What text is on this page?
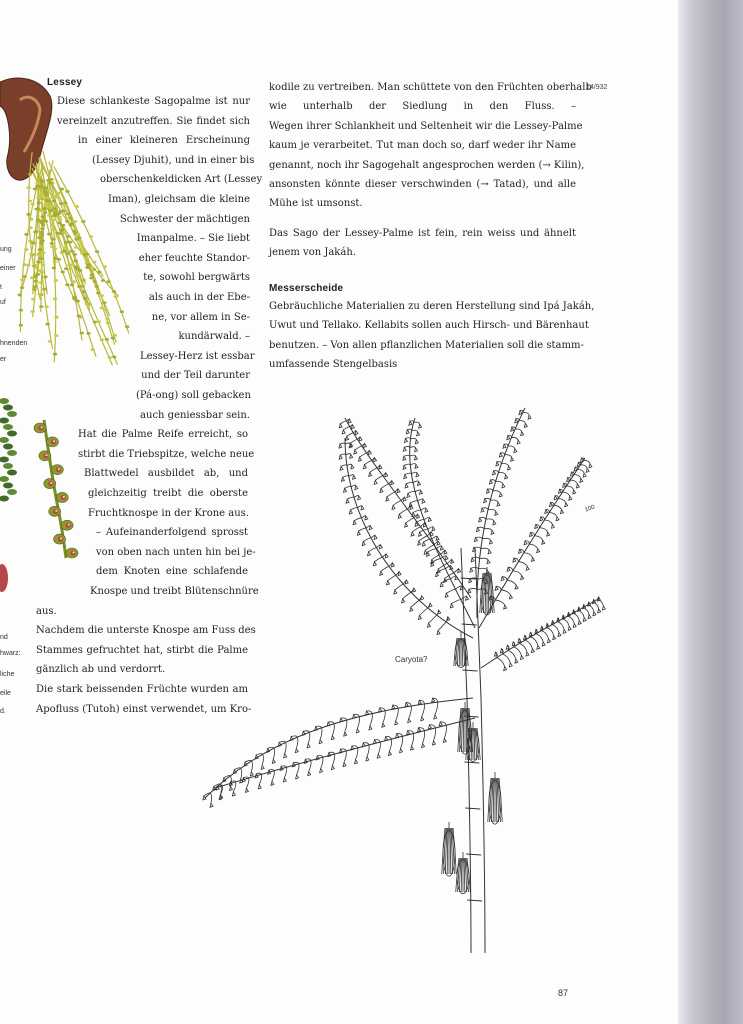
ung
einer
t
uf
hnenden
er
nd
hwarz:
liche
eile
d.
Lessey
Diese schlankeste Sagopalme ist nur
vereinzelt anzutreffen. Sie findet sich
in einer kleineren Erscheinung
(Lessey Djuhit), und in einer bis
oberschenkeldicken Art (Lessey
Iman), gleichsam die kleine
Schwester der mächtigen
Imanpalme. – Sie liebt
eher feuchte Standor-
te, sowohl bergwärts
als auch in der Ebe-
ne, vor allem in Se-
kundärwald. –
Lessey-Herz ist essbar
und der Teil darunter
(Pá-ong) soll gebacken
auch geniessbar sein.
Hat die Palme Reife erreicht, so
stirbt die Triebspitze, welche neue
Blattwedel ausbildet ab, und
gleichzeitig treibt die oberste
Fruchtknospe in der Krone aus.
– Aufeinanderfolgend sprosst
von oben nach unten hin bei je-
dem Knoten eine schlafende
Knospe und treibt Blütenschnüre
aus.
Nachdem die unterste Knospe am Fuss des
Stammes gefruchtet hat, stirbt die Palme
gänzlich ab und verdorrt.
Die stark beissenden Früchte wurden am
Apofluss (Tutoh) einst verwendet, um Kro-
14/932
kodile zu vertreiben. Man schüttete von den Früchten oberhalb
wie unterhalb der Siedlung in den Fluss. –
Wegen ihrer Schlankheit und Seltenheit wir die Lessey-Palme
kaum je verarbeitet. Tut man doch so, darf weder ihr Name
genannt, noch ihr Sagogehalt angesprochen werden (→ Kilin),
ansonsten könnte dieser verschwinden (→ Tatad), und alle
Mühe ist umsonst.
Das Sago der Lessey-Palme ist fein, rein weiss und ähnelt
jenem von Jakáh.
Messerscheide
Gebräuchliche Materialien zu deren Herstellung sind Ipá Jakáh,
Uwut und Tellako. Kellabits sollen auch Hirsch- und Bärenhaut
benutzen. – Von allen pflanzlichen Materialien soll die stamm-
umfassende Stengelbasis
Caryota?
100
87
